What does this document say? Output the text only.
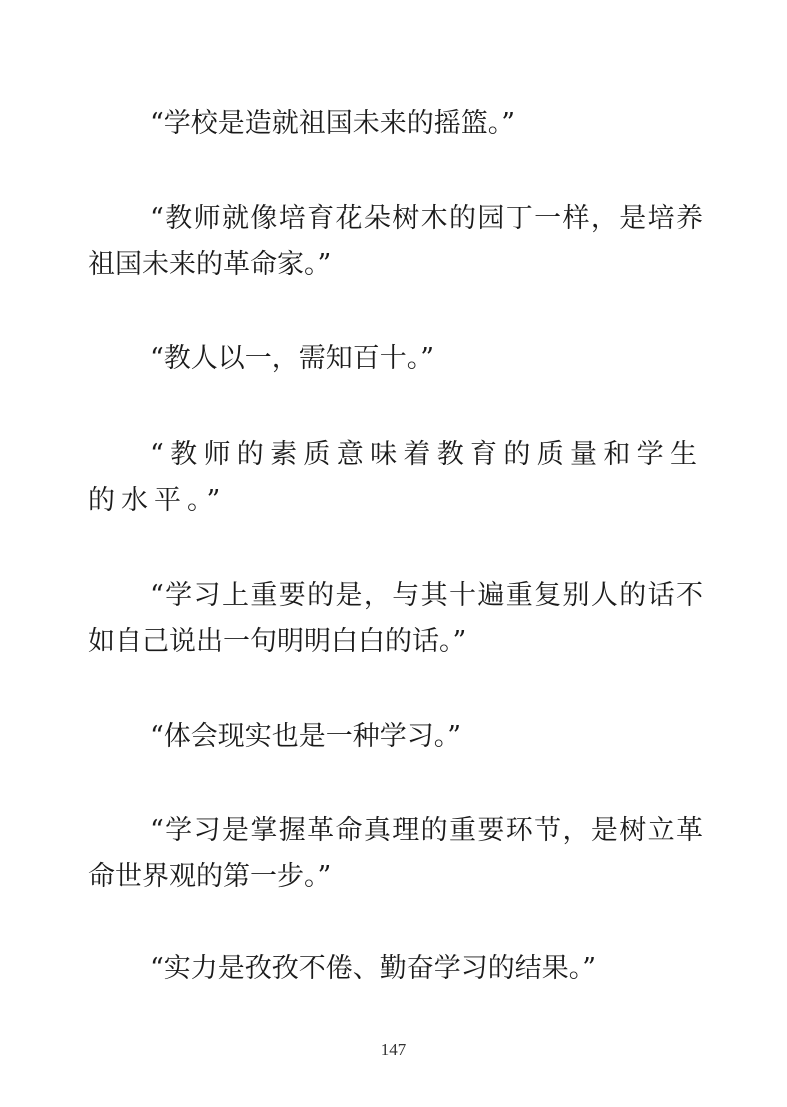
“学校是造就祖国未来的摇篮。”

“教师就像培育花朵树木的园丁一样，是培养祖国未来的革命家。”

“教人以一，需知百十。”

“教师的素质意味着教育的质量和学生的水平。”

“学习上重要的是，与其十遍重复别人的话不如自己说出一句明明白白的话。”

“体会现实也是一种学习。”

“学习是掌握革命真理的重要环节，是树立革命世界观的第一步。”

“实力是孜孜不倦、勤奋学习的结果。”

147
